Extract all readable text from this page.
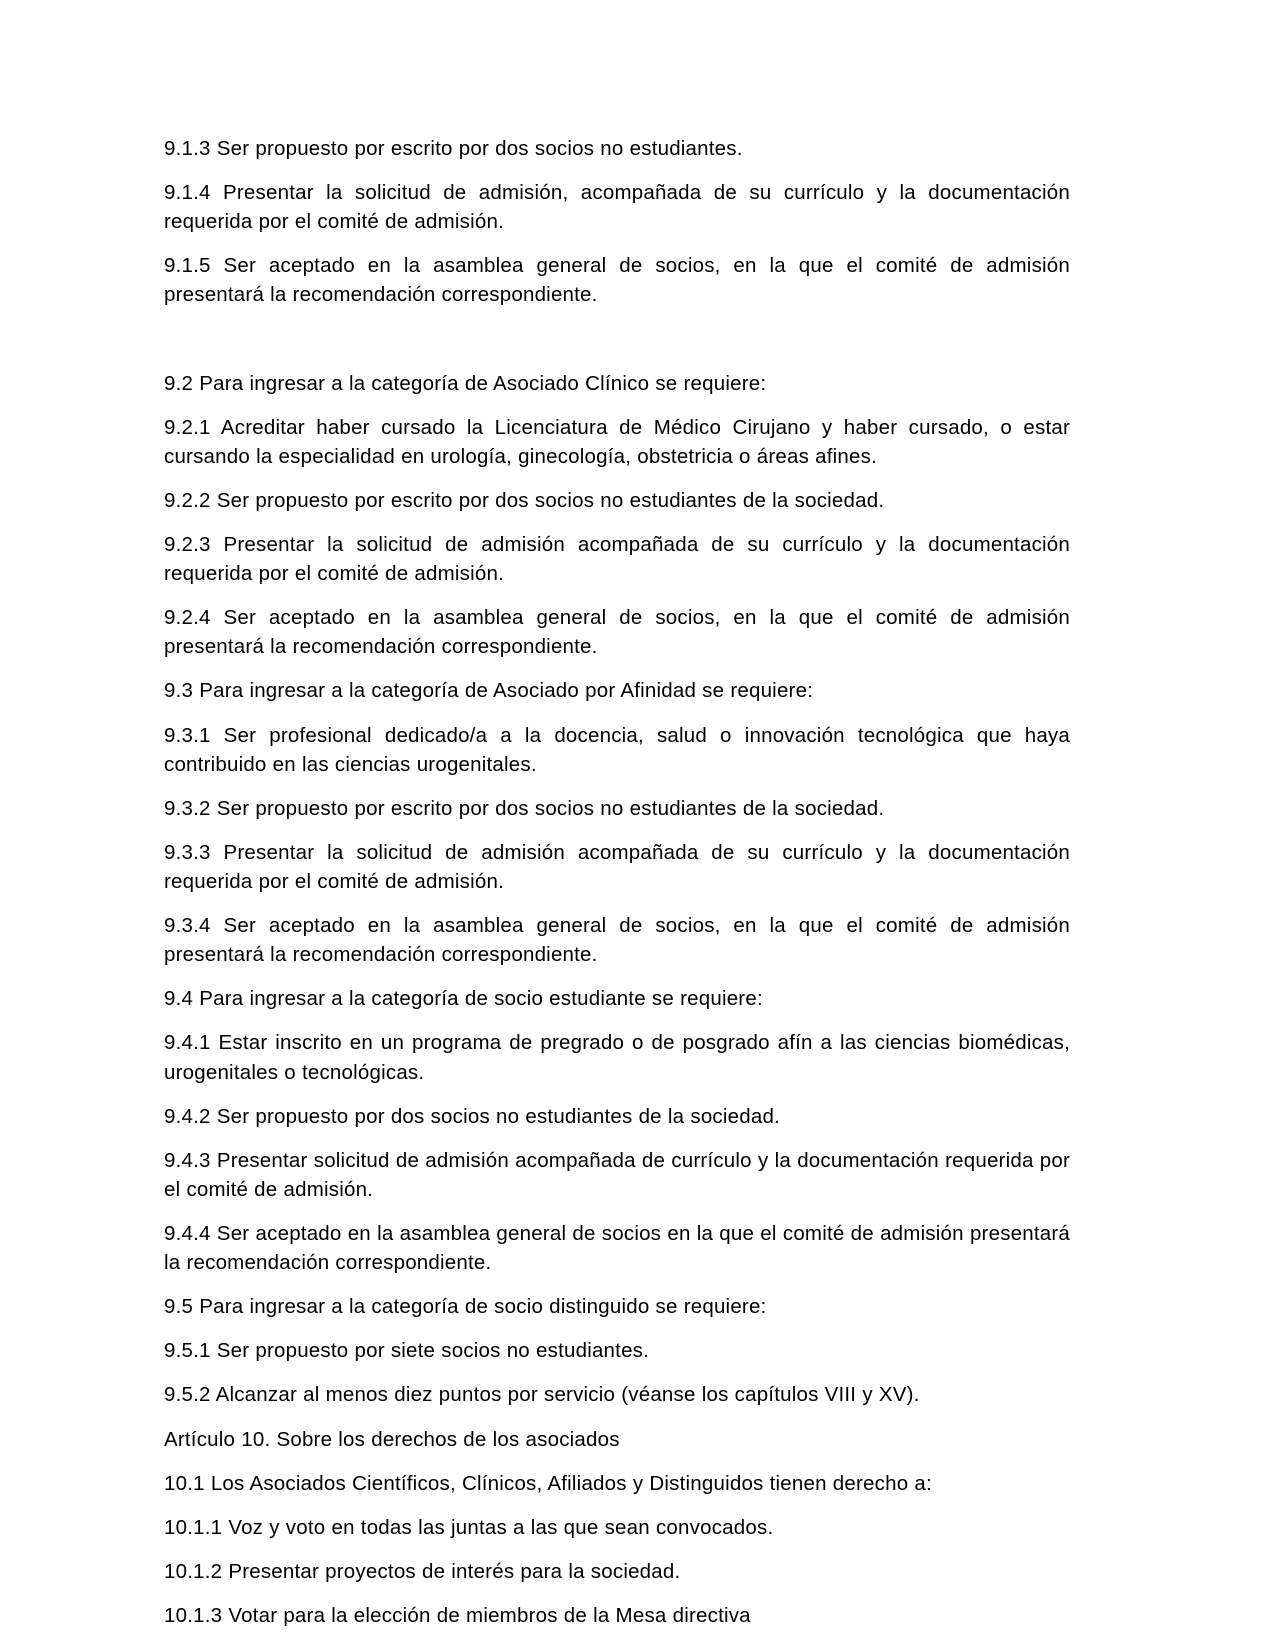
9.1.3 Ser propuesto por escrito por dos socios no estudiantes.

9.1.4 Presentar la solicitud de admisión, acompañada de su currículo y la documentación requerida por el comité de admisión.

9.1.5 Ser aceptado en la asamblea general de socios, en la que el comité de admisión presentará la recomendación correspondiente.

9.2 Para ingresar a la categoría de Asociado Clínico se requiere:

9.2.1 Acreditar haber cursado la Licenciatura de Médico Cirujano y haber cursado, o estar cursando la especialidad en urología, ginecología, obstetricia o áreas afines.

9.2.2 Ser propuesto por escrito por dos socios no estudiantes de la sociedad.

9.2.3 Presentar la solicitud de admisión acompañada de su currículo y la documentación requerida por el comité de admisión.

9.2.4 Ser aceptado en la asamblea general de socios, en la que el comité de admisión presentará la recomendación correspondiente.

9.3 Para ingresar a la categoría de Asociado por Afinidad se requiere:

9.3.1 Ser profesional dedicado/a a la docencia, salud o innovación tecnológica que haya contribuido en las ciencias urogenitales.

9.3.2 Ser propuesto por escrito por dos socios no estudiantes de la sociedad.

9.3.3 Presentar la solicitud de admisión acompañada de su currículo y la documentación requerida por el comité de admisión.

9.3.4 Ser aceptado en la asamblea general de socios, en la que el comité de admisión presentará la recomendación correspondiente.

9.4 Para ingresar a la categoría de socio estudiante se requiere:

9.4.1 Estar inscrito en un programa de pregrado o de posgrado afín a las ciencias biomédicas, urogenitales o tecnológicas.

9.4.2 Ser propuesto por dos socios no estudiantes de la sociedad.

9.4.3 Presentar solicitud de admisión acompañada de currículo y la documentación requerida por el comité de admisión.

9.4.4 Ser aceptado en la asamblea general de socios en la que el comité de admisión presentará la recomendación correspondiente.

9.5 Para ingresar a la categoría de socio distinguido se requiere:

9.5.1 Ser propuesto por siete socios no estudiantes.

9.5.2 Alcanzar al menos diez puntos por servicio (véanse los capítulos VIII y XV).

Artículo 10. Sobre los derechos de los asociados

10.1 Los Asociados Científicos, Clínicos, Afiliados y Distinguidos tienen derecho a:

10.1.1 Voz y voto en todas las juntas a las que sean convocados.

10.1.2 Presentar proyectos de interés para la sociedad.

10.1.3 Votar para la elección de miembros de la Mesa directiva
